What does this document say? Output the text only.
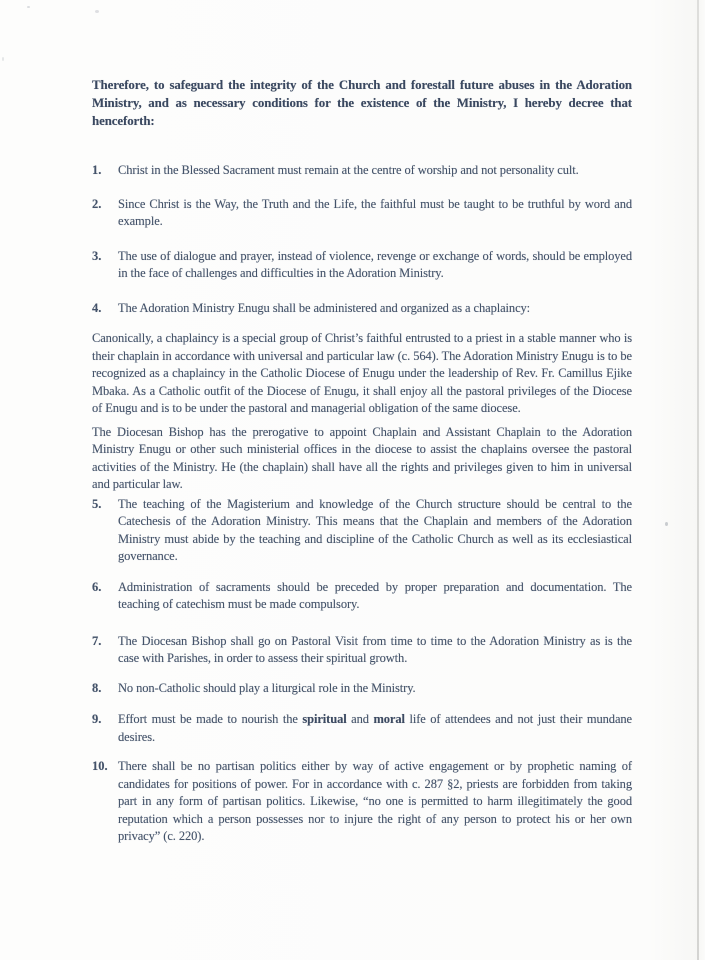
Therefore, to safeguard the integrity of the Church and forestall future abuses in the Adoration Ministry, and as necessary conditions for the existence of the Ministry, I hereby decree that henceforth:

1. Christ in the Blessed Sacrament must remain at the centre of worship and not personality cult.
2. Since Christ is the Way, the Truth and the Life, the faithful must be taught to be truthful by word and example.
3. The use of dialogue and prayer, instead of violence, revenge or exchange of words, should be employed in the face of challenges and difficulties in the Adoration Ministry.
4. The Adoration Ministry Enugu shall be administered and organized as a chaplaincy:

Canonically, a chaplaincy is a special group of Christ’s faithful entrusted to a priest in a stable manner who is their chaplain in accordance with universal and particular law (c. 564). The Adoration Ministry Enugu is to be recognized as a chaplaincy in the Catholic Diocese of Enugu under the leadership of Rev. Fr. Camillus Ejike Mbaka. As a Catholic outfit of the Diocese of Enugu, it shall enjoy all the pastoral privileges of the Diocese of Enugu and is to be under the pastoral and managerial obligation of the same diocese.

The Diocesan Bishop has the prerogative to appoint Chaplain and Assistant Chaplain to the Adoration Ministry Enugu or other such ministerial offices in the diocese to assist the chaplains oversee the pastoral activities of the Ministry. He (the chaplain) shall have all the rights and privileges given to him in universal and particular law.

5. The teaching of the Magisterium and knowledge of the Church structure should be central to the Catechesis of the Adoration Ministry. This means that the Chaplain and members of the Adoration Ministry must abide by the teaching and discipline of the Catholic Church as well as its ecclesiastical governance.
6. Administration of sacraments should be preceded by proper preparation and documentation. The teaching of catechism must be made compulsory.
7. The Diocesan Bishop shall go on Pastoral Visit from time to time to the Adoration Ministry as is the case with Parishes, in order to assess their spiritual growth.
8. No non-Catholic should play a liturgical role in the Ministry.
9. Effort must be made to nourish the spiritual and moral life of attendees and not just their mundane desires.
10. There shall be no partisan politics either by way of active engagement or by prophetic naming of candidates for positions of power. For in accordance with c. 287 §2, priests are forbidden from taking part in any form of partisan politics. Likewise, “no one is permitted to harm illegitimately the good reputation which a person possesses nor to injure the right of any person to protect his or her own privacy” (c. 220).
